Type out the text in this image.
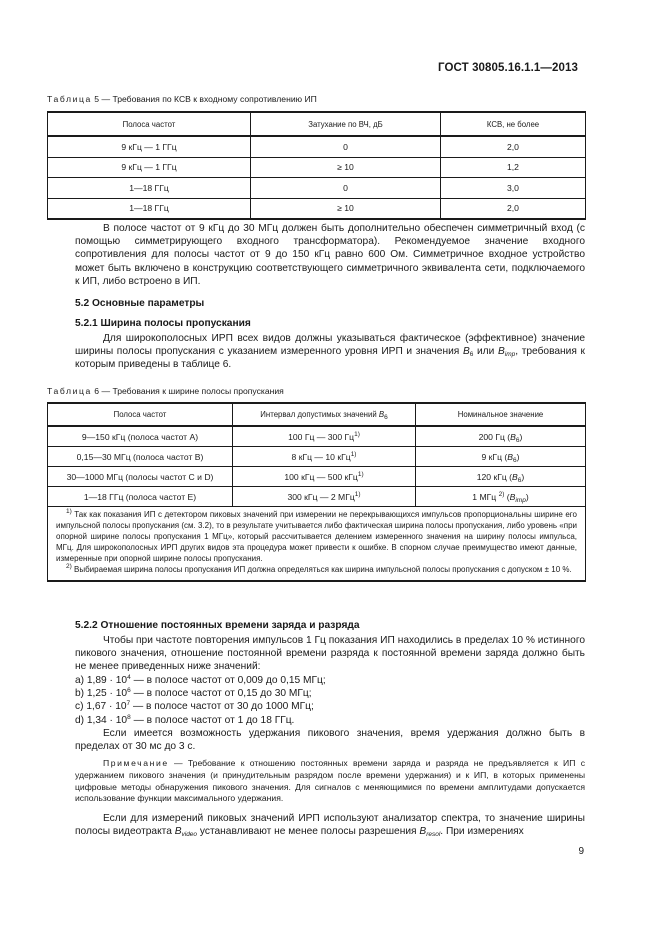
ГОСТ 30805.16.1.1—2013
Таблица 5 — Требования по КСВ к входному сопротивлению ИП
Полоса частот	Затухание по ВЧ, дБ	КСВ, не более
9 кГц — 1 ГГц	0	2,0
9 кГц — 1 ГГц	≥ 10	1,2
1—18 ГГц	0	3,0
1—18 ГГц	≥ 10	2,0

В полосе частот от 9 кГц до 30 МГц должен быть дополнительно обеспечен симметричный вход (с помощью симметрирующего входного трансформатора). Рекомендуемое значение входного сопротивления для полосы частот от 9 до 150 кГц равно 600 Ом. Симметричное входное устройство может быть включено в конструкцию соответствующего симметричного эквивалента сети, подключаемого к ИП, либо встроено в ИП.

5.2 Основные параметры
5.2.1 Ширина полосы пропускания

Для широкополосных ИРП всех видов должны указываться фактическое (эффективное) значение ширины полосы пропускания с указанием измеренного уровня ИРП и значения $B_6$ или $B_{imp}$, требования к которым приведены в таблице 6.

Таблица 6 — Требования к ширине полосы пропускания
Полоса частот	Интервал допустимых значений $B_6$	Номинальное значение
9—150 кГц (полоса частот А)	100 Гц — 300 $Гц^{1)}$	200 Гц $(B_6)$
0,15—30 МГц (полоса частот В)	8 кГц — 10 кГц$^{1)}$	9 кГц $(B_6)$
30—1000 МГц (полосы частот С и D)	100 кГц — 500 кГц$^{1)}$	120 кГц $(B_6)$
1—18 ГГц (полоса частот Е)	300 кГц — 2 МГц$^{1)}$	1 МГц $^{2)}$ $(B_{imp})$

$^{1)}$ Так как показания ИП с детектором пиковых значений при измерении не перекрывающихся импульсов пропорциональны ширине его импульсной полосы пропускания (см. 3.2), то в результате учитывается либо фактическая ширина полосы пропускания, либо уровень «при опорной ширине полосы пропускания 1 МГц», который рассчитывается делением измеренного значения на ширину полосы импульса, МГц. Для широкополосных ИРП других видов эта процедура может привести к ошибке. В спорном случае преимущество имеют данные, измеренные при опорной ширине полосы пропускания.

$^{2)}$ Выбираемая ширина полосы пропускания ИП должна определяться как ширина импульсной полосы пропускания с допуском ± 10 %.		

5.2.2 Отношение постоянных времени заряда и разряда

Чтобы при частоте повторения импульсов 1 Гц показания ИП находились в пределах 10 % истинного пикового значения, отношение постоянной времени разряда к постоянной времени заряда должно быть не менее приведенных ниже значений:

a) $1,89 \cdot 10^4$ — в полосе частот от 0,009 до 0,15 МГц;
b) $1,25 \cdot 10^6$ — в полосе частот от 0,15 до 30 МГц;
c) $1,67 \cdot 10^7$ — в полосе частот от 30 до 1000 МГц;
d) $1,34 \cdot 10^8$ — в полосе частот от 1 до 18 ГГц.

Если имеется возможность удержания пикового значения, время удержания должно быть в пределах от 30 мс до 3 с.

Примечание — Требование к отношению постоянных времени заряда и разряда не предъявляется к ИП с удержанием пикового значения (и принудительным разрядом после времени удержания) и к ИП, в которых применены цифровые методы обнаружения пикового значения. Для сигналов с меняющимися по времени амплитудами допускается использование функции максимального удержания.

Если для измерений пиковых значений ИРП используют анализатор спектра, то значение ширины полосы видеотракта $B_{video}$ устанавливают не менее полосы разрешения $B_{resol}$. При измерениях

9
